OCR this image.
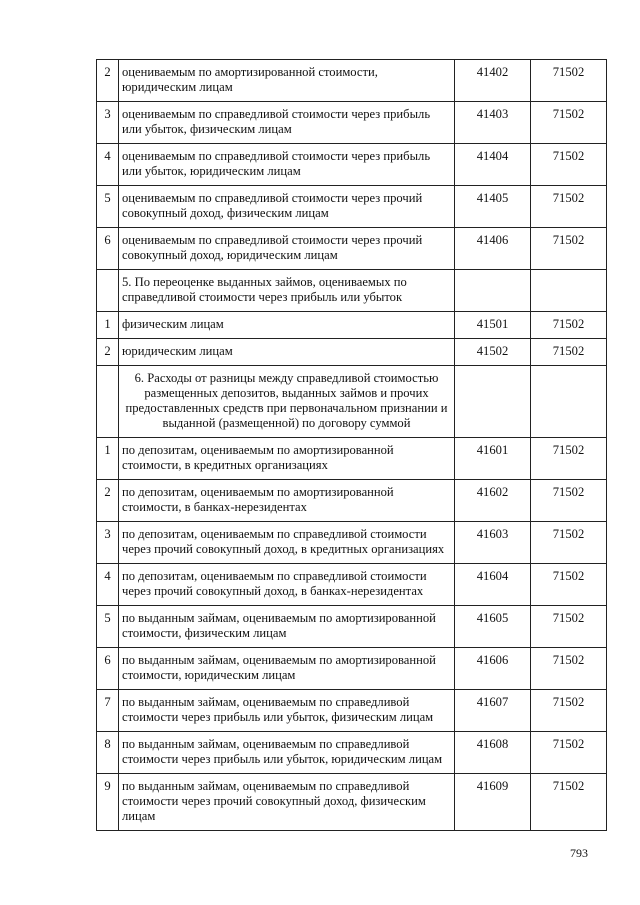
2	оцениваемым по амортизированной стоимости, юридическим лицам	41402	71502
3	оцениваемым по справедливой стоимости через прибыль или убыток, физическим лицам	41403	71502
4	оцениваемым по справедливой стоимости через прибыль или убыток, юридическим лицам	41404	71502
5	оцениваемым по справедливой стоимости через прочий совокупный доход, физическим лицам	41405	71502
6	оцениваемым по справедливой стоимости через прочий совокупный доход, юридическим лицам	41406	71502
	5. По переоценке выданных займов, оцениваемых по справедливой стоимости через прибыль или убыток		
1	физическим лицам	41501	71502
2	юридическим лицам	41502	71502
	6. Расходы от разницы между справедливой стоимостью размещенных депозитов, выданных займов и прочих предоставленных средств при первоначальном признании и выданной (размещенной) по договору суммой		
1	по депозитам, оцениваемым по амортизированной стоимости, в кредитных организациях	41601	71502
2	по депозитам, оцениваемым по амортизированной стоимости, в банках-нерезидентах	41602	71502
3	по депозитам, оцениваемым по справедливой стоимости через прочий совокупный доход, в кредитных организациях	41603	71502
4	по депозитам, оцениваемым по справедливой стоимости через прочий совокупный доход, в банках-нерезидентах	41604	71502
5	по выданным займам, оцениваемым по амортизированной стоимости, физическим лицам	41605	71502
6	по выданным займам, оцениваемым по амортизированной стоимости, юридическим лицам	41606	71502
7	по выданным займам, оцениваемым по справедливой стоимости через прибыль или убыток, физическим лицам	41607	71502
8	по выданным займам, оцениваемым по справедливой стоимости через прибыль или убыток, юридическим лицам	41608	71502
9	по выданным займам, оцениваемым по справедливой стоимости через прочий совокупный доход, физическим лицам	41609	71502
793
